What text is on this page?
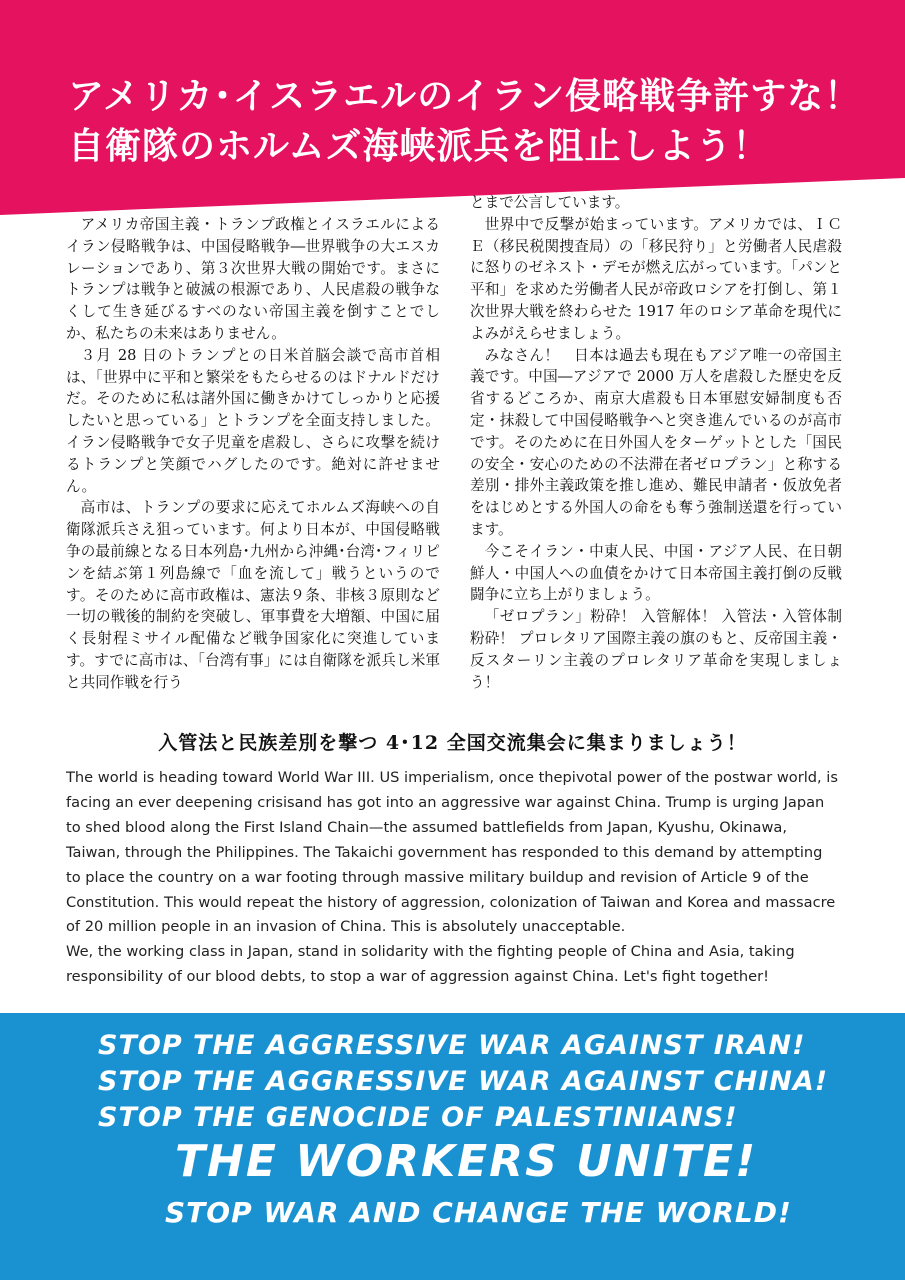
アメリカ･イスラエルのイラン侵略戦争許すな！
自衛隊のホルムズ海峡派兵を阻止しよう！

アメリカ帝国主義・トランプ政権とイスラエルによるイラン侵略戦争は、中国侵略戦争―世界戦争の大エスカレーションであり、第３次世界大戦の開始です。まさにトランプは戦争と破滅の根源であり、人民虐殺の戦争なくして生き延びるすべのない帝国主義を倒すことでしか、私たちの未来はありません。

３月 28 日のトランプとの日米首脳会談で高市首相は、「世界中に平和と繁栄をもたらせるのはドナルドだけだ。そのために私は諸外国に働きかけてしっかりと応援したいと思っている」とトランプを全面支持しました。イラン侵略戦争で女子児童を虐殺し、さらに攻撃を続けるトランプと笑顔でハグしたのです。絶対に許せません。

高市は、トランプの要求に応えてホルムズ海峡への自衛隊派兵さえ狙っています。何より日本が、中国侵略戦争の最前線となる日本列島･九州から沖縄･台湾･フィリピンを結ぶ第１列島線で「血を流して」戦うというのです。そのために高市政権は、憲法９条、非核３原則など一切の戦後的制約を突破し、軍事費を大増額、中国に届く長射程ミサイル配備など戦争国家化に突進しています。すでに高市は、「台湾有事」には自衛隊を派兵し米軍と共同作戦を行う

とまで公言しています。

世界中で反撃が始まっています。アメリカでは、ＩＣＥ（移民税関捜査局）の「移民狩り」と労働者人民虐殺に怒りのゼネスト・デモが燃え広がっています。「パンと平和」を求めた労働者人民が帝政ロシアを打倒し、第１次世界大戦を終わらせた 1917 年のロシア革命を現代によみがえらせましょう。

みなさん！　日本は過去も現在もアジア唯一の帝国主義です。中国―アジアで 2000 万人を虐殺した歴史を反省するどころか、南京大虐殺も日本軍慰安婦制度も否定・抹殺して中国侵略戦争へと突き進んでいるのが高市です。そのために在日外国人をターゲットとした「国民の安全・安心のための不法滞在者ゼロプラン」と称する差別・排外主義政策を推し進め、難民申請者・仮放免者をはじめとする外国人の命をも奪う強制送還を行っています。

今こそイラン・中東人民、中国・アジア人民、在日朝鮮人・中国人への血債をかけて日本帝国主義打倒の反戦闘争に立ち上がりましょう。

「ゼロプラン」粉砕！ 入管解体！ 入管法・入管体制粉砕！ プロレタリア国際主義の旗のもと、反帝国主義・反スターリン主義のプロレタリア革命を実現しましょう！

入管法と民族差別を撃つ 4･12 全国交流集会に集まりましょう！

The world is heading toward World War III. US imperialism, once thepivotal power of the postwar world, is facing an ever deepening crisisand has got into an aggressive war against China. Trump is urging Japan to shed blood along the First Island Chain—the assumed battlefields from Japan, Kyushu, Okinawa, Taiwan, through the Philippines. The Takaichi government has responded to this demand by attempting to place the country on a war footing through massive military buildup and revision of Article 9 of the Constitution. This would repeat the history of aggression, colonization of Taiwan and Korea and massacre of 20 million people in an invasion of China. This is absolutely unacceptable.

We, the working class in Japan, stand in solidarity with the fighting people of China and Asia, taking responsibility of our blood debts, to stop a war of aggression against China. Let's fight together!

STOP THE AGGRESSIVE WAR AGAINST IRAN!
STOP THE AGGRESSIVE WAR AGAINST CHINA!
STOP THE GENOCIDE OF PALESTINIANS!
THE WORKERS UNITE!
STOP WAR AND CHANGE THE WORLD!
